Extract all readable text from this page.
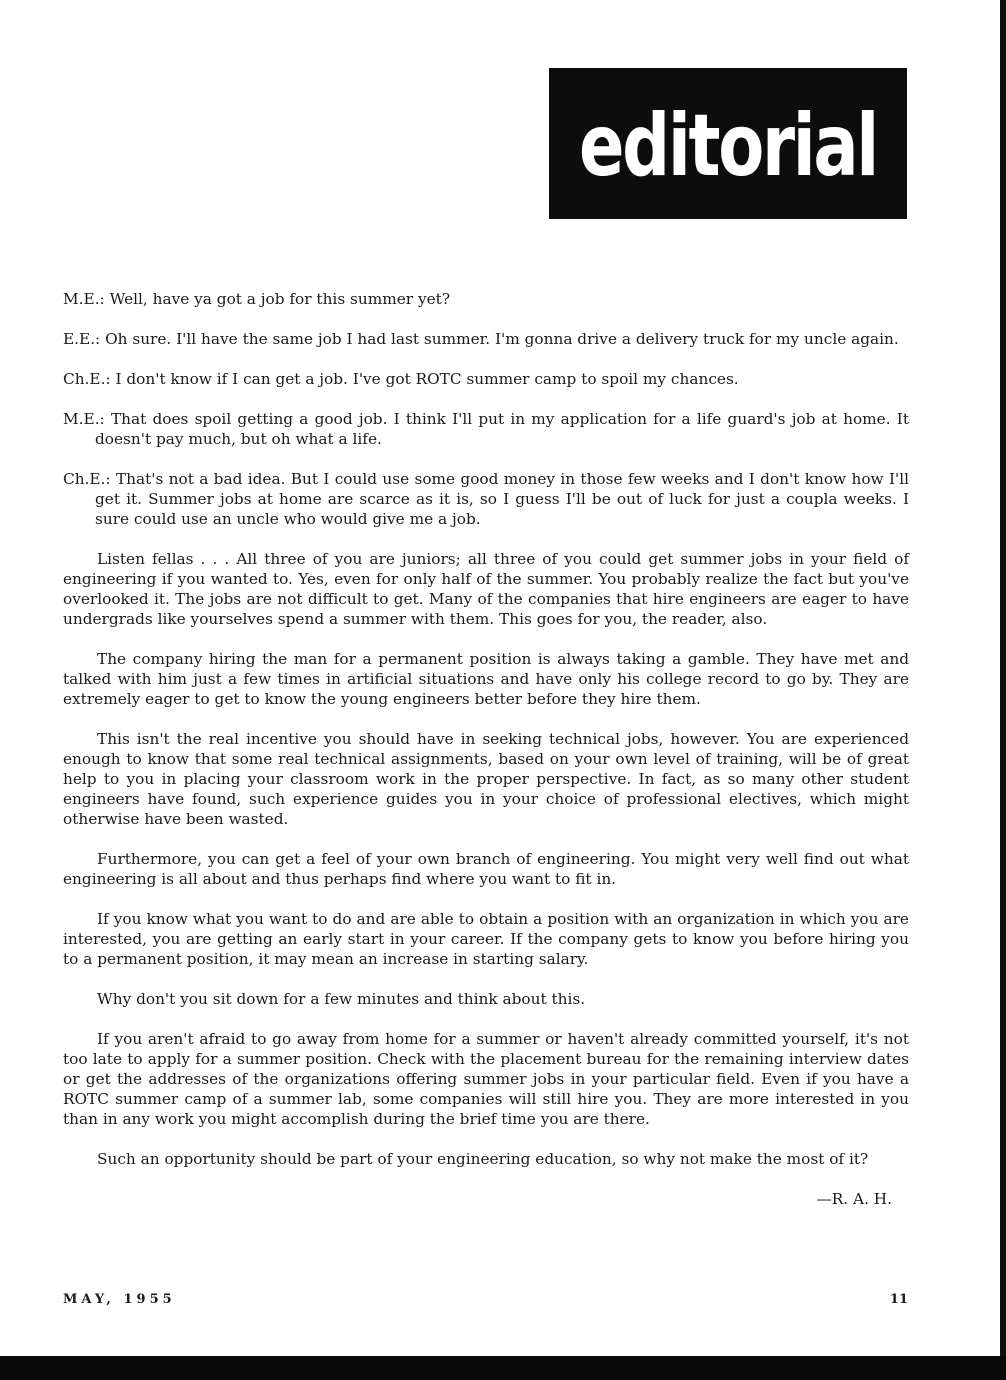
editorial

M.E.: Well, have ya got a job for this summer yet?

E.E.: Oh sure. I'll have the same job I had last summer. I'm gonna drive a delivery truck for my uncle again.

Ch.E.: I don't know if I can get a job. I've got ROTC summer camp to spoil my chances.

M.E.: That does spoil getting a good job. I think I'll put in my application for a life guard's job at home. It doesn't pay much, but oh what a life.

Ch.E.: That's not a bad idea. But I could use some good money in those few weeks and I don't know how I'll get it. Summer jobs at home are scarce as it is, so I guess I'll be out of luck for just a coupla weeks. I sure could use an uncle who would give me a job.

Listen fellas . . . All three of you are juniors; all three of you could get summer jobs in your field of engineering if you wanted to. Yes, even for only half of the summer. You probably realize the fact but you've overlooked it. The jobs are not difficult to get. Many of the companies that hire engineers are eager to have undergrads like yourselves spend a summer with them. This goes for you, the reader, also.

The company hiring the man for a permanent position is always taking a gamble. They have met and talked with him just a few times in artificial situations and have only his college record to go by. They are extremely eager to get to know the young engineers better before they hire them.

This isn't the real incentive you should have in seeking technical jobs, however. You are experienced enough to know that some real technical assignments, based on your own level of training, will be of great help to you in placing your classroom work in the proper perspective. In fact, as so many other student engineers have found, such experience guides you in your choice of professional electives, which might otherwise have been wasted.

Furthermore, you can get a feel of your own branch of engineering. You might very well find out what engineering is all about and thus perhaps find where you want to fit in.

If you know what you want to do and are able to obtain a position with an organization in which you are interested, you are getting an early start in your career. If the company gets to know you before hiring you to a permanent position, it may mean an increase in starting salary.

Why don't you sit down for a few minutes and think about this.

If you aren't afraid to go away from home for a summer or haven't already committed yourself, it's not too late to apply for a summer position. Check with the placement bureau for the remaining interview dates or get the addresses of the organizations offering summer jobs in your particular field. Even if you have a ROTC summer camp of a summer lab, some companies will still hire you. They are more interested in you than in any work you might accomplish during the brief time you are there.

Such an opportunity should be part of your engineering education, so why not make the most of it?

—R. A. H.

MAY, 1955	11
